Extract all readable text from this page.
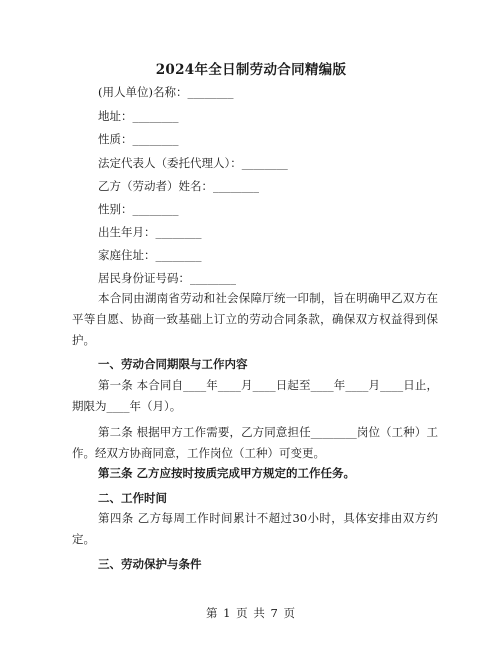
2024年全日制劳动合同精编版
(用人单位)名称：________
地址：________
性质：________
法定代表人（委托代理人）：________
乙方（劳动者）姓名：________
性别：________
出生年月：________
家庭住址：________
居民身份证号码：________
本合同由湖南省劳动和社会保障厅统一印制，旨在明确甲乙双方在平等自愿、协商一致基础上订立的劳动合同条款，确保双方权益得到保护。
一、劳动合同期限与工作内容
第一条 本合同自____年____月____日起至____年____月____日止，期限为____年（月）。
第二条 根据甲方工作需要，乙方同意担任________岗位（工种）工作。经双方协商同意，工作岗位（工种）可变更。
第三条 乙方应按时按质完成甲方规定的工作任务。
二、工作时间
第四条 乙方每周工作时间累计不超过30小时，具体安排由双方约定。
三、劳动保护与条件
第 1 页 共 7 页
